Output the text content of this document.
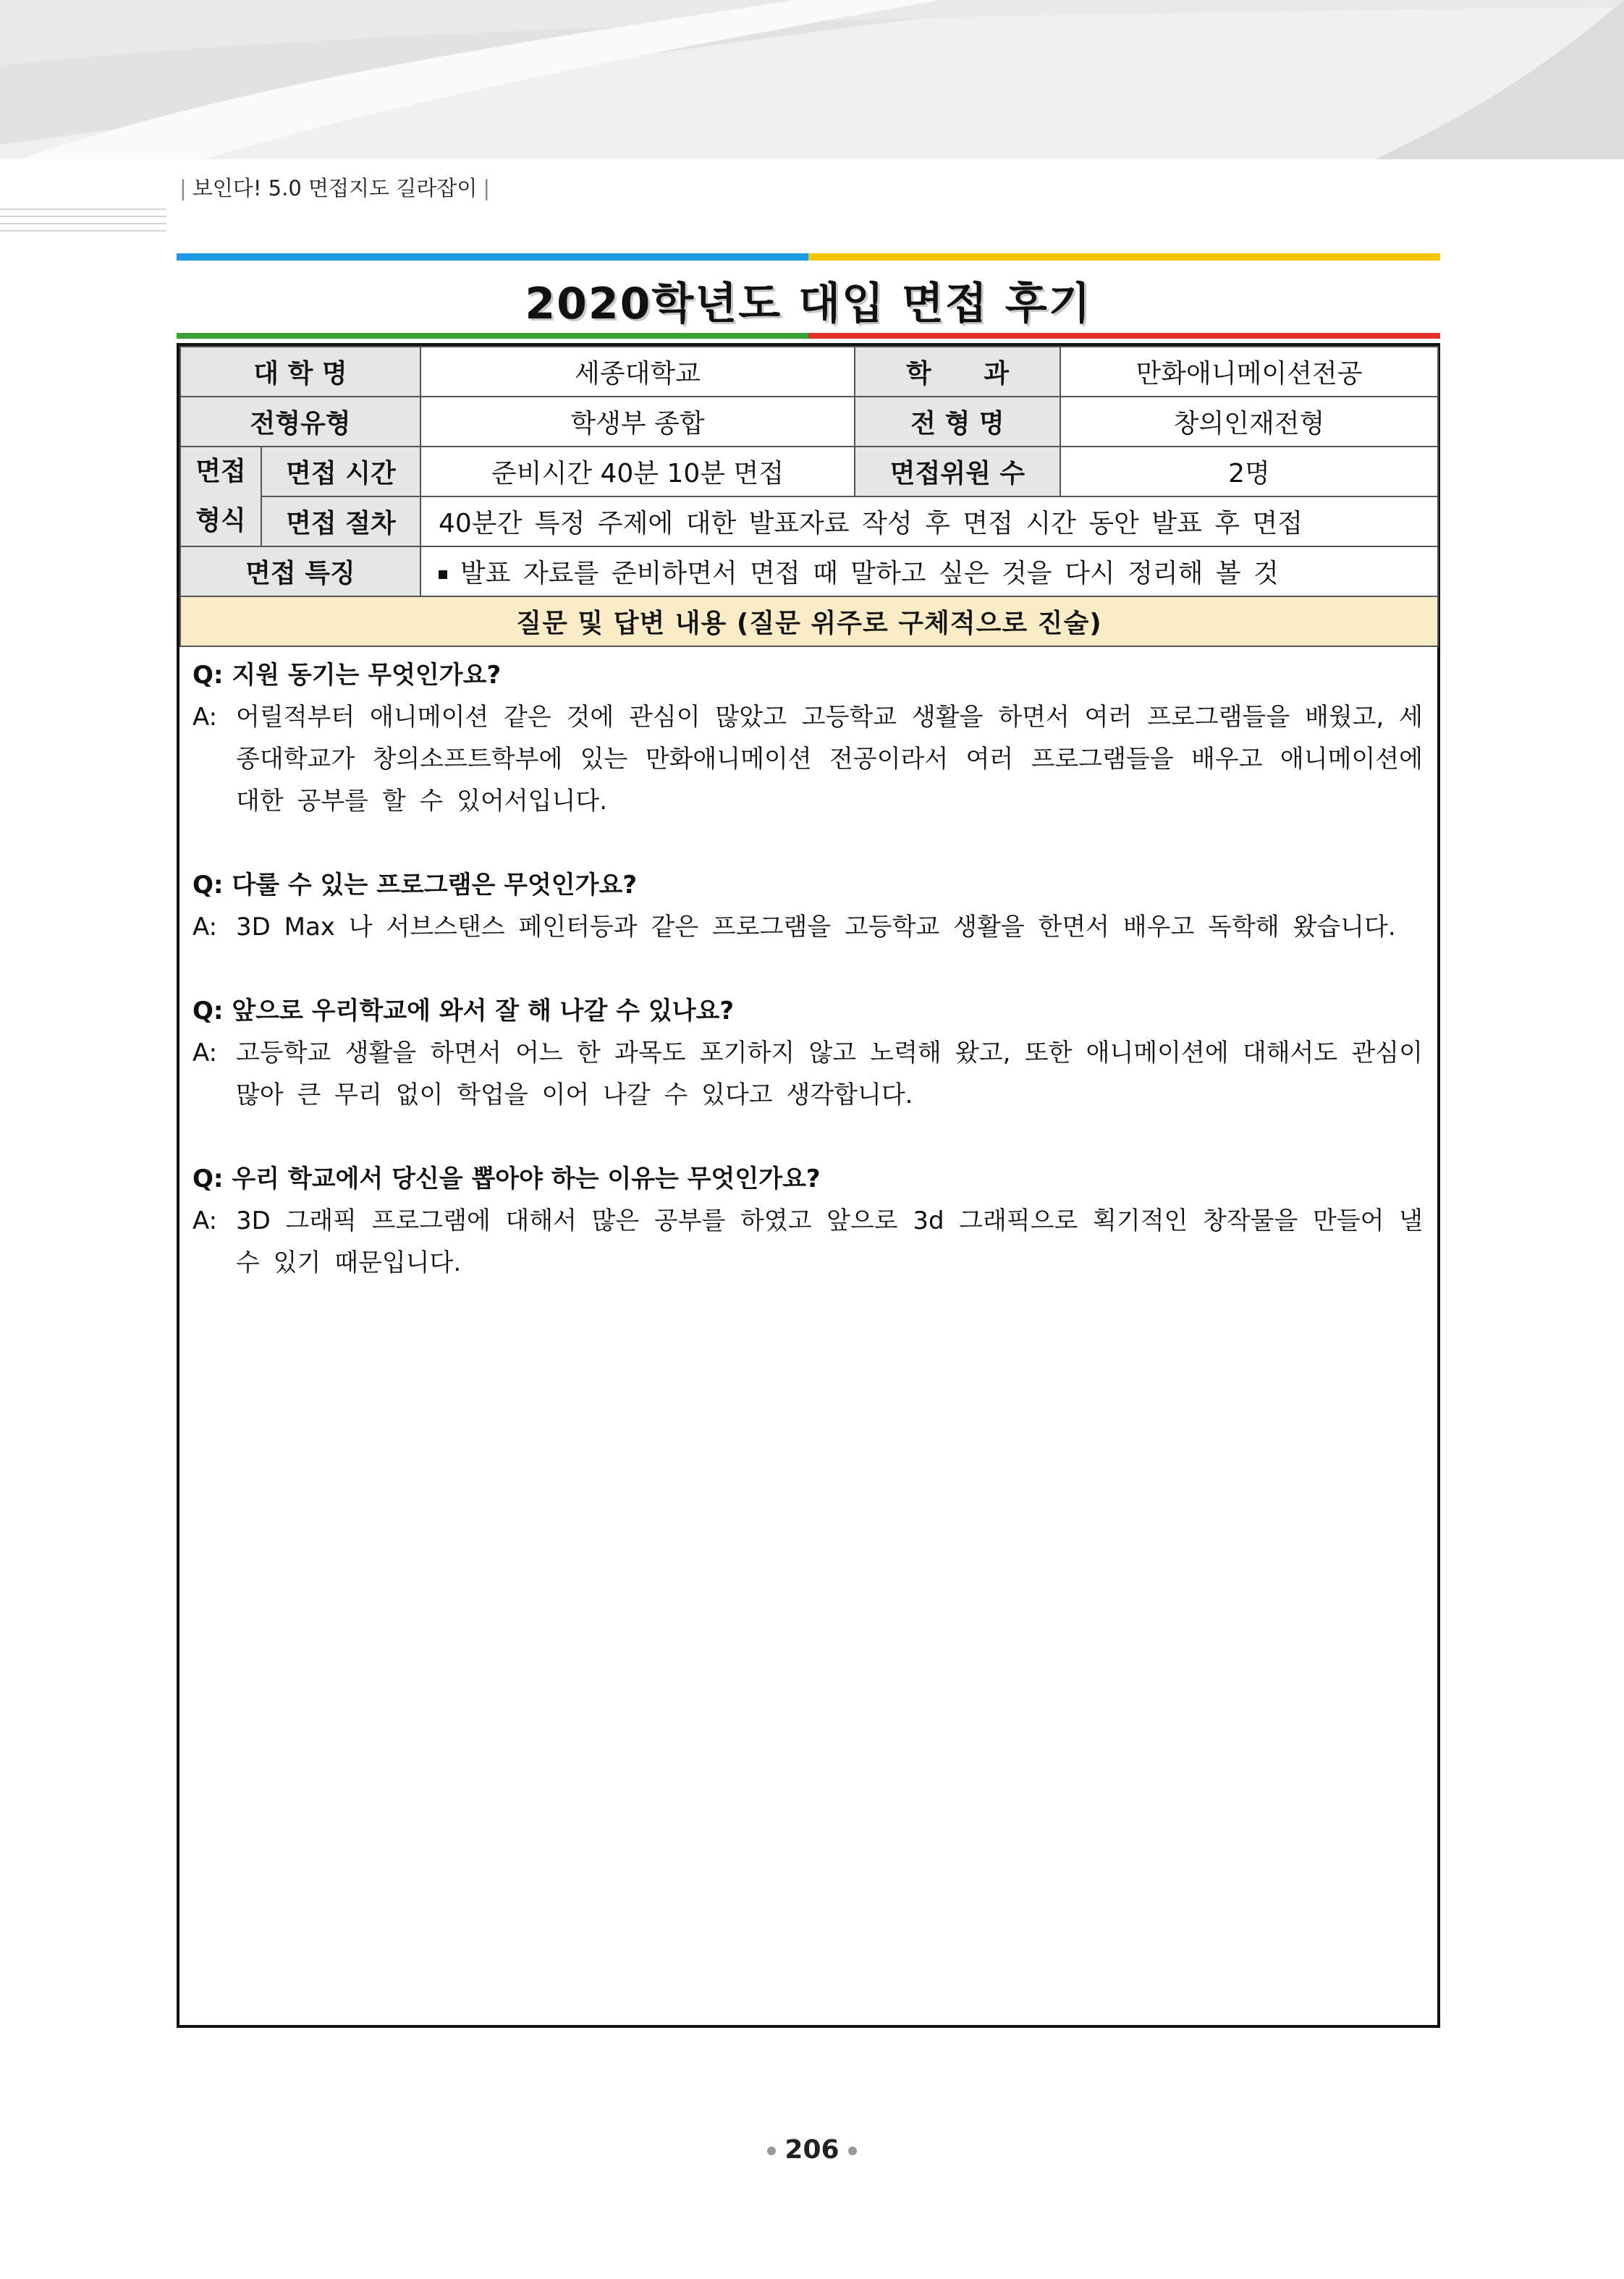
| 보인다! 5.0 면접지도 길라잡이 |
2020학년도 대입 면접 후기
대 학 명		세종대학교	학 과	만화애니메이션전공
전형유형		학생부 종합	전 형 명	창의인재전형
면접
형식	면접 시간	준비시간 40분 10분 면접	면접위원 수	2명
	면접 절차	40분간 특정 주제에 대한 발표자료 작성 후 면접 시간 동안 발표 후 면접		
면접 특징		발표 자료를 준비하면서 면접 때 말하고 싶은 것을 다시 정리해 볼 것		
질문 및 답변 내용 (질문 위주로 구체적으로 진술)				
Q: 지원 동기는 무엇인가요?
A: 어릴적부터 애니메이션 같은 것에 관심이 많았고 고등학교 생활을 하면서 여러 프로그램들을 배웠고, 세종대학교가 창의소프트학부에 있는 만화애니메이션 전공이라서 여러 프로그램들을 배우고 애니메이션에 대한 공부를 할 수 있어서입니다.
Q: 다룰 수 있는 프로그램은 무엇인가요?
A: 3D Max 나 서브스탠스 페인터등과 같은 프로그램을 고등학교 생활을 한면서 배우고 독학해 왔습니다.
Q: 앞으로 우리학교에 와서 잘 해 나갈 수 있나요?
A: 고등학교 생활을 하면서 어느 한 과목도 포기하지 않고 노력해 왔고, 또한 애니메이션에 대해서도 관심이 많아 큰 무리 없이 학업을 이어 나갈 수 있다고 생각합니다.
Q: 우리 학교에서 당신을 뽑아야 하는 이유는 무엇인가요?
A: 3D 그래픽 프로그램에 대해서 많은 공부를 하였고 앞으로 3d 그래픽으로 획기적인 창작물을 만들어 낼 수 있기 때문입니다.
206
